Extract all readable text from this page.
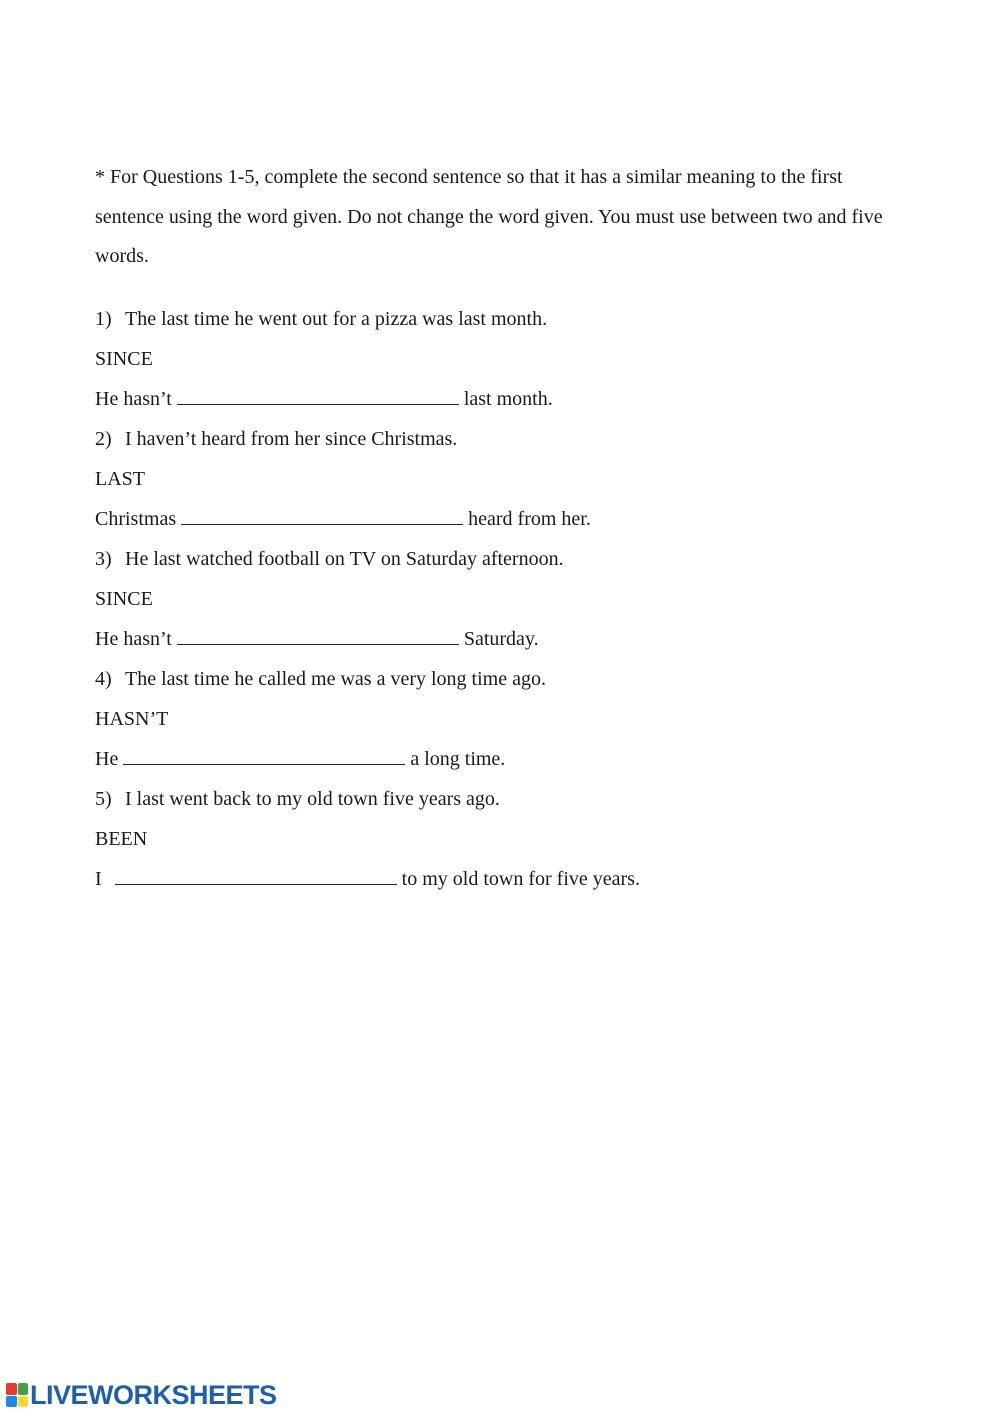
* For Questions 1-5, complete the second sentence so that it has a similar meaning to the first sentence using the word given. Do not change the word given. You must use between two and five words.

1) The last time he went out for a pizza was last month.
SINCE
He hasn’t	last month.
2) I haven’t heard from her since Christmas.
LAST
Christmas	heard from her.
3) He last watched football on TV on Saturday afternoon.
SINCE
He hasn’t	Saturday.
4) The last time he called me was a very long time ago.
HASN’T
He	a long time.
5) I last went back to my old town five years ago.
BEEN
I	to my old town for five years.
LIVEWORKSHEETS
